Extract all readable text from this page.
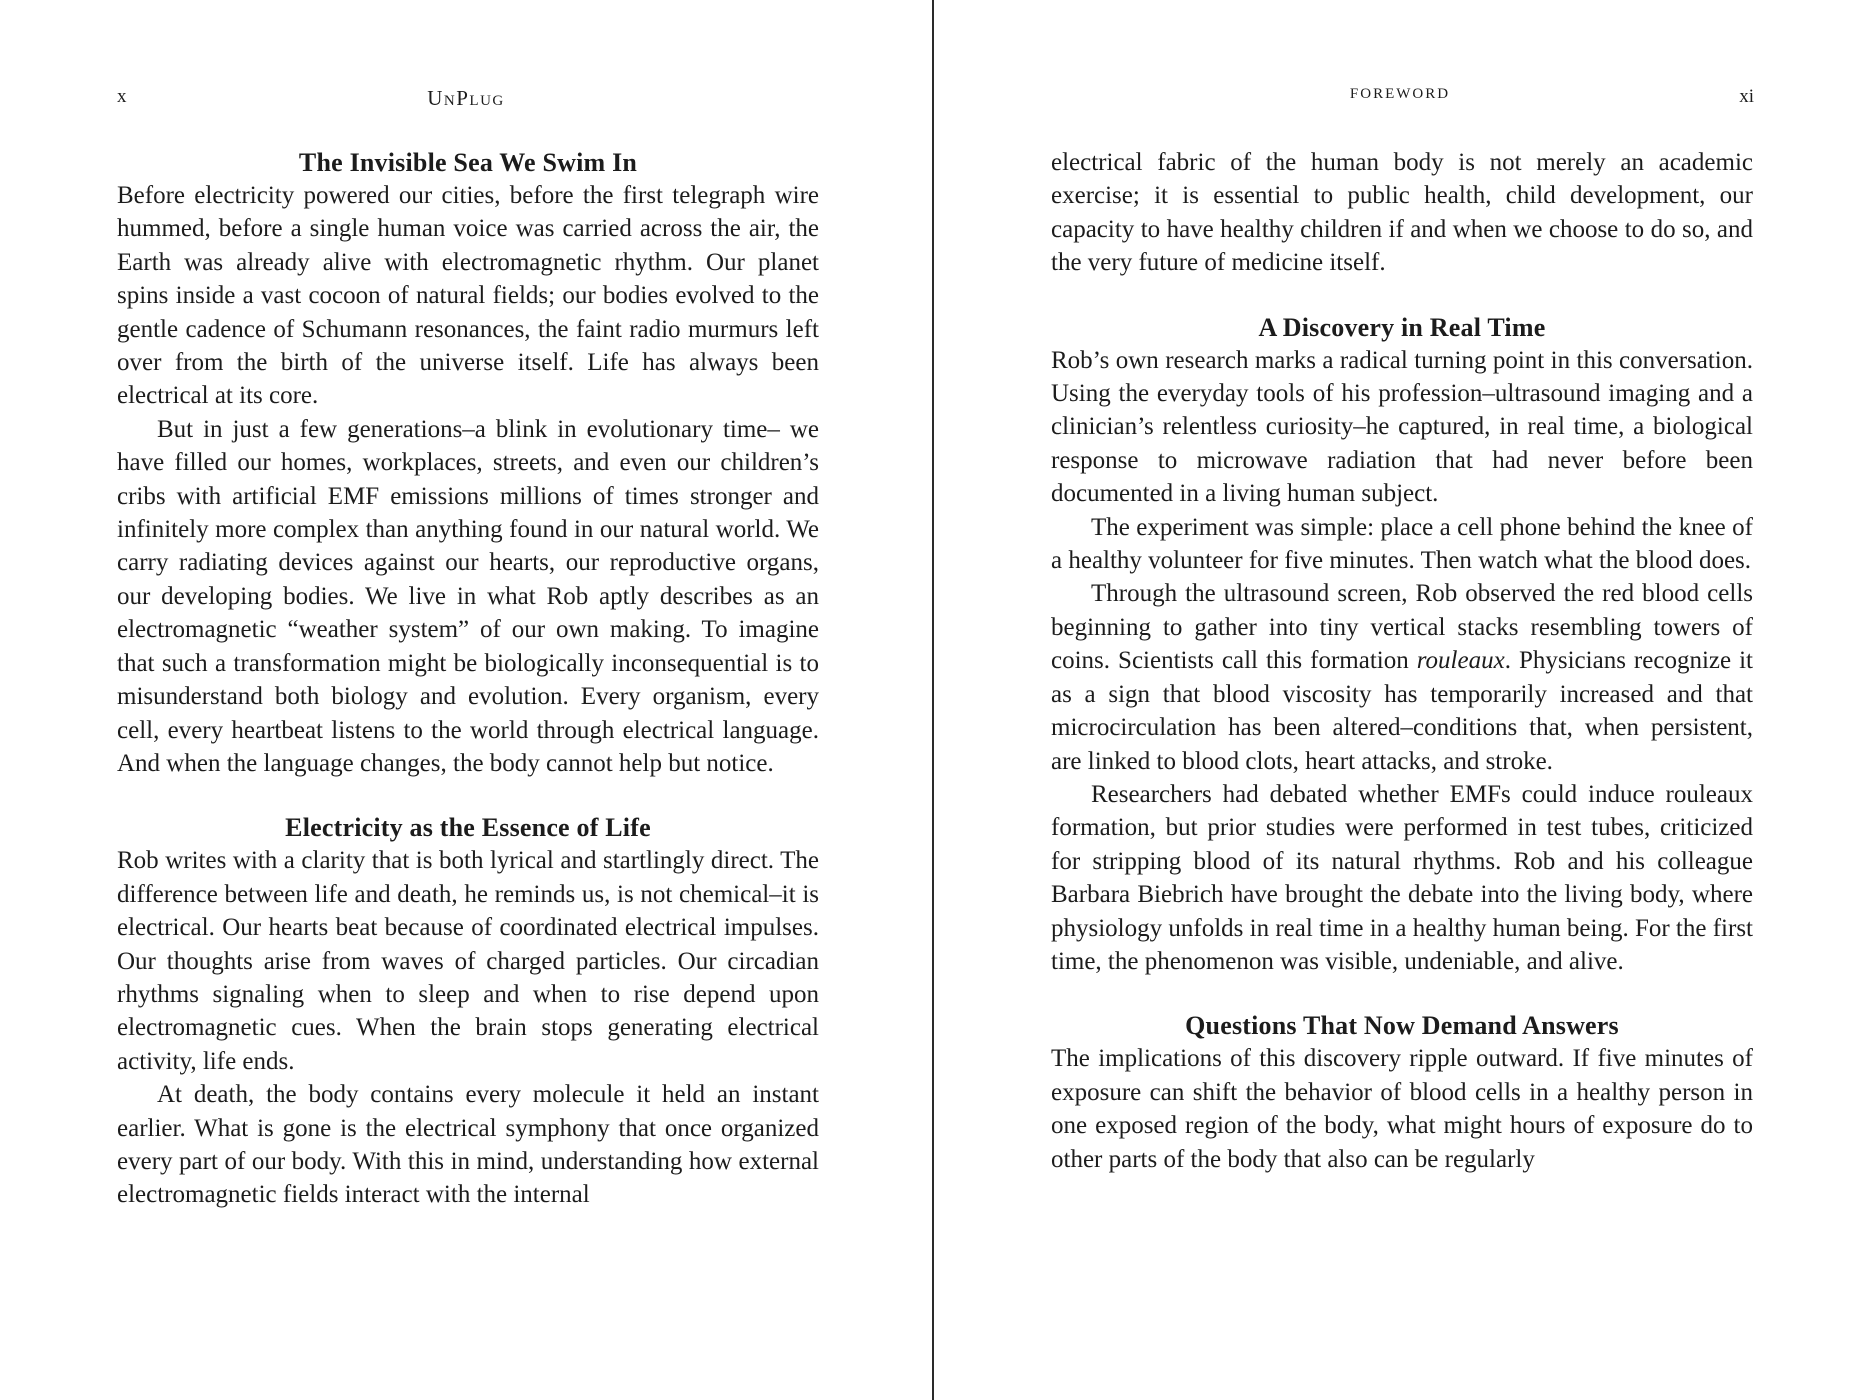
x	UnPlug
The Invisible Sea We Swim In

Before electricity powered our cities, before the first telegraph wire hummed, before a single human voice was carried across the air, the Earth was already alive with electromagnetic rhythm. Our planet spins inside a vast cocoon of natural fields; our bodies evolved to the gentle cadence of Schumann resonances, the faint radio murmurs left over from the birth of the universe itself. Life has always been electrical at its core.

But in just a few generations–a blink in evolutionary time– we have filled our homes, workplaces, streets, and even our children’s cribs with artificial EMF emissions millions of times stronger and infinitely more complex than anything found in our natural world. We carry radiating devices against our hearts, our reproductive organs, our developing bodies. We live in what Rob aptly describes as an electromagnetic “weather system” of our own making. To imagine that such a transformation might be biologically inconsequential is to misunderstand both biology and evolution. Every organism, every cell, every heartbeat listens to the world through electrical language. And when the language changes, the body cannot help but notice.

Electricity as the Essence of Life

Rob writes with a clarity that is both lyrical and startlingly direct. The difference between life and death, he reminds us, is not chemical–it is electrical. Our hearts beat because of coordinated electrical impulses. Our thoughts arise from waves of charged particles. Our circadian rhythms signaling when to sleep and when to rise depend upon electromagnetic cues. When the brain stops generating electrical activity, life ends.

At death, the body contains every molecule it held an instant earlier. What is gone is the electrical symphony that once organized every part of our body. With this in mind, understanding how external electromagnetic fields interact with the internal

FOREWORD	xi

electrical fabric of the human body is not merely an academic exercise; it is essential to public health, child development, our capacity to have healthy children if and when we choose to do so, and the very future of medicine itself.

A Discovery in Real Time

Rob’s own research marks a radical turning point in this conversation. Using the everyday tools of his profession–ultrasound imaging and a clinician’s relentless curiosity–he captured, in real time, a biological response to microwave radiation that had never before been documented in a living human subject.

The experiment was simple: place a cell phone behind the knee of a healthy volunteer for five minutes. Then watch what the blood does.

Through the ultrasound screen, Rob observed the red blood cells beginning to gather into tiny vertical stacks resembling towers of coins. Scientists call this formation rouleaux. Physicians recognize it as a sign that blood viscosity has temporarily increased and that microcirculation has been altered–conditions that, when persistent, are linked to blood clots, heart attacks, and stroke.

Researchers had debated whether EMFs could induce rouleaux formation, but prior studies were performed in test tubes, criticized for stripping blood of its natural rhythms. Rob and his colleague Barbara Biebrich have brought the debate into the living body, where physiology unfolds in real time in a healthy human being. For the first time, the phenomenon was visible, undeniable, and alive.

Questions That Now Demand Answers

The implications of this discovery ripple outward. If five minutes of exposure can shift the behavior of blood cells in a healthy person in one exposed region of the body, what might hours of exposure do to other parts of the body that also can be regularly
